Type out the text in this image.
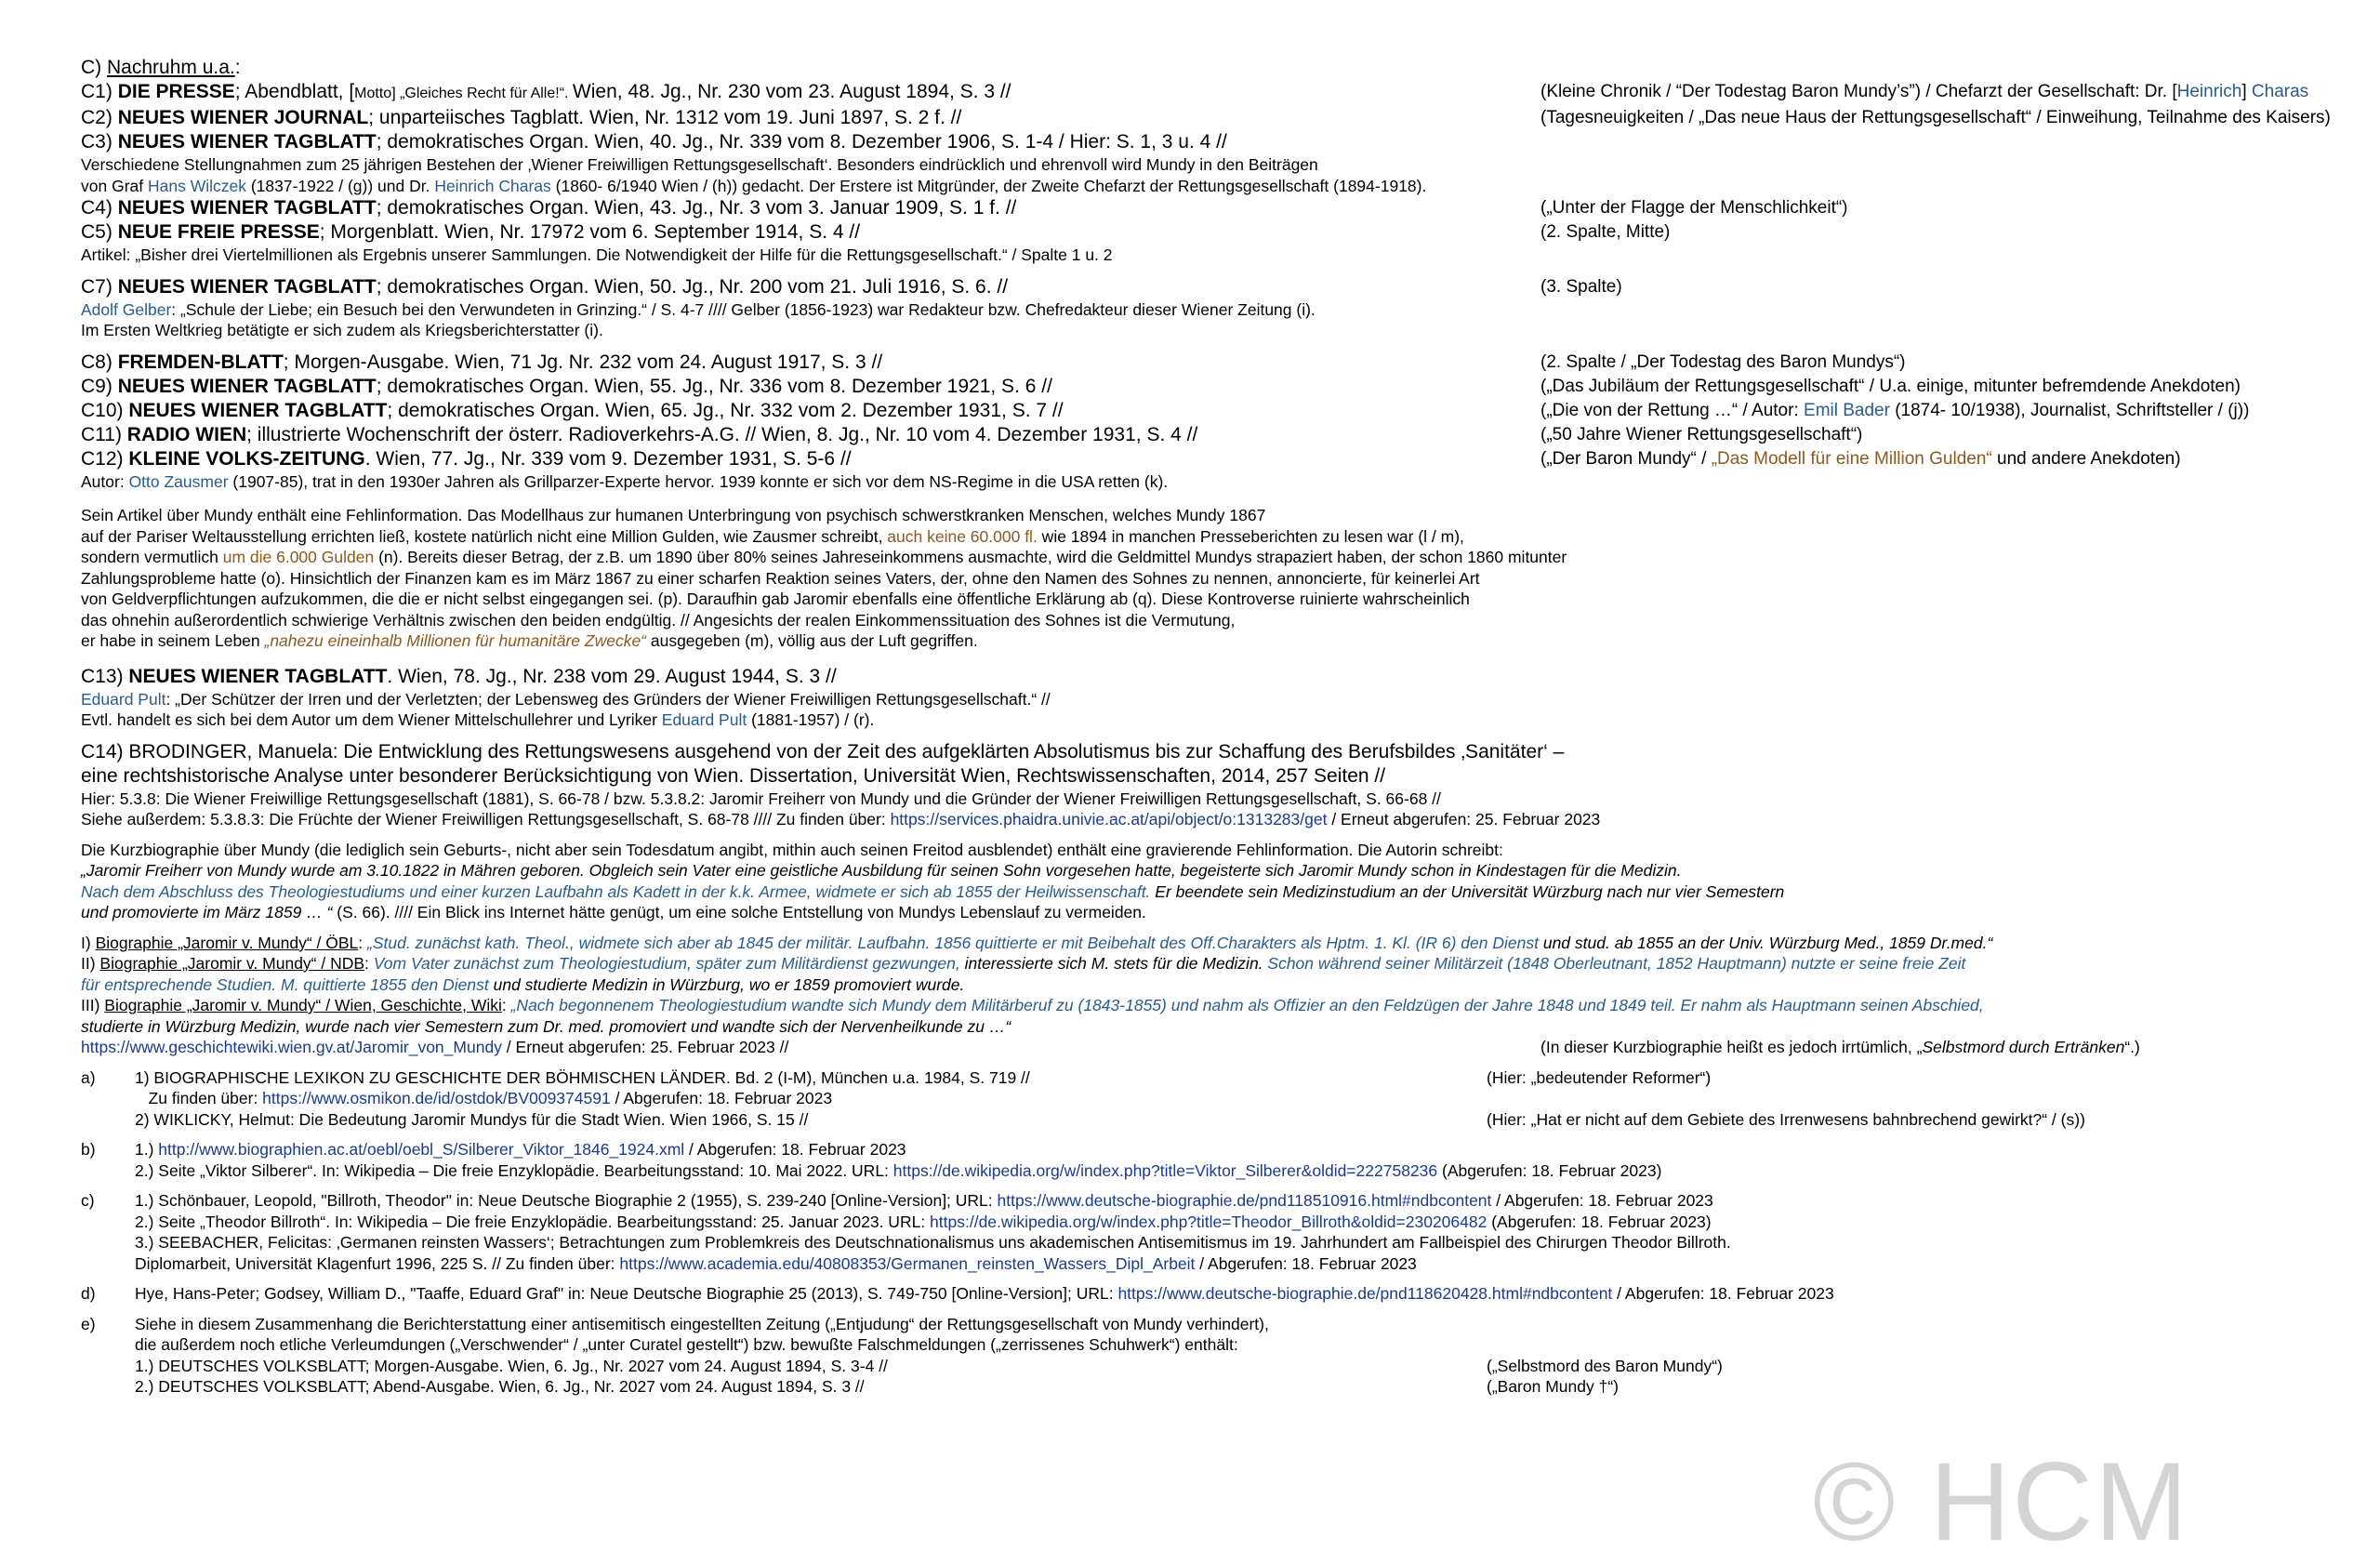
C) Nachruhm u.a.:
C1) DIE PRESSE; Abendblatt, [Motto] „Gleiches Recht für Alle!“. Wien, 48. Jg., Nr. 230 vom 23. August 1894, S. 3 //	(Kleine Chronik / “Der Todestag Baron Mundy’s”) / Chefarzt der Gesellschaft: Dr. [Heinrich] Charas
C2) NEUES WIENER JOURNAL; unparteiisches Tagblatt. Wien, Nr. 1312 vom 19. Juni 1897, S. 2 f. //	(Tagesneuigkeiten / „Das neue Haus der Rettungsgesellschaft“ / Einweihung, Teilnahme des Kaisers)
C3) NEUES WIENER TAGBLATT; demokratisches Organ. Wien, 40. Jg., Nr. 339 vom 8. Dezember 1906, S. 1-4 / Hier: S. 1, 3 u. 4 //
Verschiedene Stellungnahmen zum 25 jährigen Bestehen der ‚Wiener Freiwilligen Rettungsgesellschaft‘. Besonders eindrücklich und ehrenvoll wird Mundy in den Beiträgen
von Graf Hans Wilczek (1837-1922 / (g)) und Dr. Heinrich Charas (1860- 6/1940 Wien / (h)) gedacht. Der Erstere ist Mitgründer, der Zweite Chefarzt der Rettungsgesellschaft (1894-1918).
C4) NEUES WIENER TAGBLATT; demokratisches Organ. Wien, 43. Jg., Nr. 3 vom 3. Januar 1909, S. 1 f. //	(„Unter der Flagge der Menschlichkeit“)
C5) NEUE FREIE PRESSE; Morgenblatt. Wien, Nr. 17972 vom 6. September 1914, S. 4 //	(2. Spalte, Mitte)
Artikel: „Bisher drei Viertelmillionen als Ergebnis unserer Sammlungen. Die Notwendigkeit der Hilfe für die Rettungsgesellschaft.“ / Spalte 1 u. 2
C7) NEUES WIENER TAGBLATT; demokratisches Organ. Wien, 50. Jg., Nr. 200 vom 21. Juli 1916, S. 6. //	(3. Spalte)
Adolf Gelber: „Schule der Liebe; ein Besuch bei den Verwundeten in Grinzing.“ / S. 4-7 //// Gelber (1856-1923) war Redakteur bzw. Chefredakteur dieser Wiener Zeitung (i).
Im Ersten Weltkrieg betätigte er sich zudem als Kriegsberichterstatter (i).
C8) FREMDEN-BLATT; Morgen-Ausgabe. Wien, 71 Jg. Nr. 232 vom 24. August 1917, S. 3 //	(2. Spalte / „Der Todestag des Baron Mundys“)
C9) NEUES WIENER TAGBLATT; demokratisches Organ. Wien, 55. Jg., Nr. 336 vom 8. Dezember 1921, S. 6 //	(„Das Jubiläum der Rettungsgesellschaft“ / U.a. einige, mitunter befremdende Anekdoten)
C10) NEUES WIENER TAGBLATT; demokratisches Organ. Wien, 65. Jg., Nr. 332 vom 2. Dezember 1931, S. 7 //	(„Die von der Rettung …“ / Autor: Emil Bader (1874- 10/1938), Journalist, Schriftsteller / (j))
C11) RADIO WIEN; illustrierte Wochenschrift der österr. Radioverkehrs-A.G. // Wien, 8. Jg., Nr. 10 vom 4. Dezember 1931, S. 4 //	(„50 Jahre Wiener Rettungsgesellschaft“)
C12) KLEINE VOLKS-ZEITUNG. Wien, 77. Jg., Nr. 339 vom 9. Dezember 1931, S. 5-6 //	(„Der Baron Mundy“ / „Das Modell für eine Million Gulden“ und andere Anekdoten)
Autor: Otto Zausmer (1907-85), trat in den 1930er Jahren als Grillparzer-Experte hervor. 1939 konnte er sich vor dem NS-Regime in die USA retten (k).
Sein Artikel über Mundy enthält eine Fehlinformation. Das Modellhaus zur humanen Unterbringung von psychisch schwerstkranken Menschen, welches Mundy 1867
auf der Pariser Weltausstellung errichten ließ, kostete natürlich nicht eine Million Gulden, wie Zausmer schreibt, auch keine 60.000 fl. wie 1894 in manchen Presseberichten zu lesen war (l / m),
sondern vermutlich um die 6.000 Gulden (n). Bereits dieser Betrag, der z.B. um 1890 über 80% seines Jahreseinkommens ausmachte, wird die Geldmittel Mundys strapaziert haben, der schon 1860 mitunter
Zahlungsprobleme hatte (o). Hinsichtlich der Finanzen kam es im März 1867 zu einer scharfen Reaktion seines Vaters, der, ohne den Namen des Sohnes zu nennen, annoncierte, für keinerlei Art
von Geldverpflichtungen aufzukommen, die die er nicht selbst eingegangen sei. (p). Daraufhin gab Jaromir ebenfalls eine öffentliche Erklärung ab (q). Diese Kontroverse ruinierte wahrscheinlich
das ohnehin außerordentlich schwierige Verhältnis zwischen den beiden endgültig. // Angesichts der realen Einkommenssituation des Sohnes ist die Vermutung,
er habe in seinem Leben „nahezu eineinhalb Millionen für humanitäre Zwecke“ ausgegeben (m), völlig aus der Luft gegriffen.
C13) NEUES WIENER TAGBLATT. Wien, 78. Jg., Nr. 238 vom 29. August 1944, S. 3 //
Eduard Pult: „Der Schützer der Irren und der Verletzten; der Lebensweg des Gründers der Wiener Freiwilligen Rettungsgesellschaft.“ //
Evtl. handelt es sich bei dem Autor um dem Wiener Mittelschullehrer und Lyriker Eduard Pult (1881-1957) / (r).
C14) BRODINGER, Manuela: Die Entwicklung des Rettungswesens ausgehend von der Zeit des aufgeklärten Absolutismus bis zur Schaffung des Berufsbildes ‚Sanitäter‘ –
eine rechtshistorische Analyse unter besonderer Berücksichtigung von Wien. Dissertation, Universität Wien, Rechtswissenschaften, 2014, 257 Seiten //
Hier: 5.3.8: Die Wiener Freiwillige Rettungsgesellschaft (1881), S. 66-78 / bzw. 5.3.8.2: Jaromir Freiherr von Mundy und die Gründer der Wiener Freiwilligen Rettungsgesellschaft, S. 66-68 //
Siehe außerdem: 5.3.8.3: Die Früchte der Wiener Freiwilligen Rettungsgesellschaft, S. 68-78 //// Zu finden über: https://services.phaidra.univie.ac.at/api/object/o:1313283/get / Erneut abgerufen: 25. Februar 2023
Die Kurzbiographie über Mundy (die lediglich sein Geburts-, nicht aber sein Todesdatum angibt, mithin auch seinen Freitod ausblendet) enthält eine gravierende Fehlinformation. Die Autorin schreibt:
„Jaromir Freiherr von Mundy wurde am 3.10.1822 in Mähren geboren. Obgleich sein Vater eine geistliche Ausbildung für seinen Sohn vorgesehen hatte, begeisterte sich Jaromir Mundy schon in Kindestagen für die Medizin.
Nach dem Abschluss des Theologiestudiums und einer kurzen Laufbahn als Kadett in der k.k. Armee, widmete er sich ab 1855 der Heilwissenschaft. Er beendete sein Medizinstudium an der Universität Würzburg nach nur vier Semestern
und promovierte im März 1859 … “ (S. 66). //// Ein Blick ins Internet hätte genügt, um eine solche Entstellung von Mundys Lebenslauf zu vermeiden.
I) Biographie „Jaromir v. Mundy“ / ÖBL: „Stud. zunächst kath. Theol., widmete sich aber ab 1845 der militär. Laufbahn. 1856 quittierte er mit Beibehalt des Off.Charakters als Hptm. 1. Kl. (IR 6) den Dienst und stud. ab 1855 an der Univ. Würzburg Med., 1859 Dr.med.“
II) Biographie „Jaromir v. Mundy“ / NDB: Vom Vater zunächst zum Theologiestudium, später zum Militärdienst gezwungen, interessierte sich M. stets für die Medizin. Schon während seiner Militärzeit (1848 Oberleutnant, 1852 Hauptmann) nutzte er seine freie Zeit
für entsprechende Studien. M. quittierte 1855 den Dienst und studierte Medizin in Würzburg, wo er 1859 promoviert wurde.
III) Biographie „Jaromir v. Mundy“ / Wien, Geschichte, Wiki: „Nach begonnenem Theologiestudium wandte sich Mundy dem Militärberuf zu (1843-1855) und nahm als Offizier an den Feldzügen der Jahre 1848 und 1849 teil. Er nahm als Hauptmann seinen Abschied,
studierte in Würzburg Medizin, wurde nach vier Semestern zum Dr. med. promoviert und wandte sich der Nervenheilkunde zu …“
https://www.geschichtewiki.wien.gv.at/Jaromir_von_Mundy / Erneut abgerufen: 25. Februar 2023 //	(In dieser Kurzbiographie heißt es jedoch irrtümlich, „Selbstmord durch Ertränken“.)
a) 1) BIOGRAPHISCHE LEXIKON ZU GESCHICHTE DER BÖHMISCHEN LÄNDER. Bd. 2 (I-M), München u.a. 1984, S. 719 //	(Hier: „bedeutender Reformer“)
Zu finden über: https://www.osmikon.de/id/ostdok/BV009374591 / Abgerufen: 18. Februar 2023
2) WIKLICKY, Helmut: Die Bedeutung Jaromir Mundys für die Stadt Wien. Wien 1966, S. 15 //	(Hier: „Hat er nicht auf dem Gebiete des Irrenwesens bahnbrechend gewirkt?“ / (s))
b) 1.) http://www.biographien.ac.at/oebl/oebl_S/Silberer_Viktor_1846_1924.xml / Abgerufen: 18. Februar 2023
2.) Seite „Viktor Silberer“. In: Wikipedia – Die freie Enzyklopädie. Bearbeitungsstand: 10. Mai 2022. URL: https://de.wikipedia.org/w/index.php?title=Viktor_Silberer&oldid=222758236 (Abgerufen: 18. Februar 2023)
c) 1.) Schönbauer, Leopold, "Billroth, Theodor" in: Neue Deutsche Biographie 2 (1955), S. 239-240 [Online-Version]; URL: https://www.deutsche-biographie.de/pnd118510916.html#ndbcontent / Abgerufen: 18. Februar 2023
2.) Seite „Theodor Billroth“. In: Wikipedia – Die freie Enzyklopädie. Bearbeitungsstand: 25. Januar 2023. URL: https://de.wikipedia.org/w/index.php?title=Theodor_Billroth&oldid=230206482 (Abgerufen: 18. Februar 2023)
3.) SEEBACHER, Felicitas: ‚Germanen reinsten Wassers‘; Betrachtungen zum Problemkreis des Deutschnationalismus uns akademischen Antisemitismus im 19. Jahrhundert am Fallbeispiel des Chirurgen Theodor Billroth.
Diplomarbeit, Universität Klagenfurt 1996, 225 S. // Zu finden über: https://www.academia.edu/40808353/Germanen_reinsten_Wassers_Dipl_Arbeit / Abgerufen: 18. Februar 2023
d) Hye, Hans-Peter; Godsey, William D., "Taaffe, Eduard Graf" in: Neue Deutsche Biographie 25 (2013), S. 749-750 [Online-Version]; URL: https://www.deutsche-biographie.de/pnd118620428.html#ndbcontent / Abgerufen: 18. Februar 2023
e) Siehe in diesem Zusammenhang die Berichterstattung einer antisemitisch eingestellten Zeitung („Entjudung“ der Rettungsgesellschaft von Mundy verhindert),
die außerdem noch etliche Verleumdungen („Verschwender“ / „unter Curatel gestellt“) bzw. bewußte Falschmeldungen („zerrissenes Schuhwerk“) enthält:
1.) DEUTSCHES VOLKSBLATT; Morgen-Ausgabe. Wien, 6. Jg., Nr. 2027 vom 24. August 1894, S. 3-4 //	(„Selbstmord des Baron Mundy“)
2.) DEUTSCHES VOLKSBLATT; Abend-Ausgabe. Wien, 6. Jg., Nr. 2027 vom 24. August 1894, S. 3 //	(„Baron Mundy †“)
© HCM
